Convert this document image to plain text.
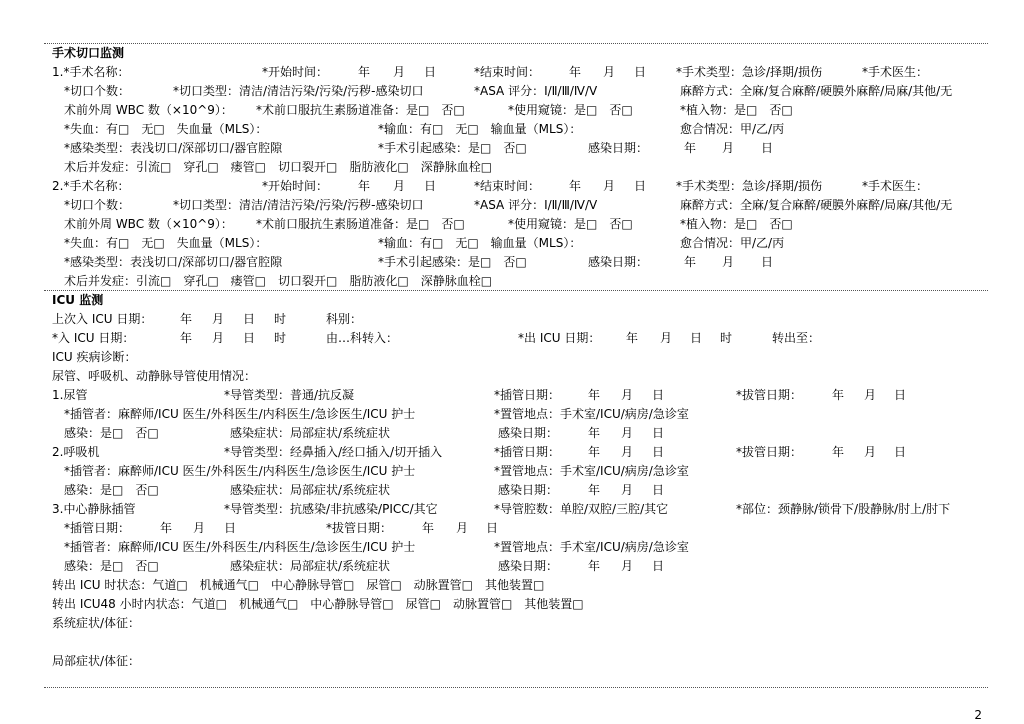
手术切口监测
1.*手术名称：	*开始时间： 年 月 日	*结束时间： 年 月 日 *手术类型：急诊/择期/损伤	*手术医生：
*切口个数：	*切口类型：清洁/清洁污染/污染/污秽-感染切口	*ASA 评分：Ⅰ/Ⅱ/Ⅲ/Ⅳ/Ⅴ	麻醉方式：全麻/复合麻醉/硬膜外麻醉/局麻/其他/无
术前外周 WBC 数（×10^9）： *术前口服抗生素肠道准备：是□　否□	*使用窥镜：是□　否□	*植入物：是□　否□
*失血：有□　无□　失血量（MLS）：	*输血：有□　无□　输血量（MLS）：	愈合情况：甲/乙/丙
*感染类型：表浅切口/深部切口/器官腔隙	*手术引起感染：是□　否□	感染日期：	年 月 日
术后并发症：引流□　穿孔□　瘘管□　切口裂开□　脂肪液化□　深静脉血栓□
2.*手术名称：	*开始时间： 年 月 日	*结束时间： 年 月 日 *手术类型：急诊/择期/损伤	*手术医生：
*切口个数：	*切口类型：清洁/清洁污染/污染/污秽-感染切口	*ASA 评分：Ⅰ/Ⅱ/Ⅲ/Ⅳ/Ⅴ	麻醉方式：全麻/复合麻醉/硬膜外麻醉/局麻/其他/无
术前外周 WBC 数（×10^9）： *术前口服抗生素肠道准备：是□　否□	*使用窥镜：是□　否□	*植入物：是□　否□
*失血：有□　无□　失血量（MLS）：	*输血：有□　无□　输血量（MLS）：	愈合情况：甲/乙/丙
*感染类型：表浅切口/深部切口/器官腔隙	*手术引起感染：是□　否□	感染日期：	年 月 日
术后并发症：引流□　穿孔□　瘘管□　切口裂开□　脂肪液化□　深静脉血栓□
ICU 监测
上次入 ICU 日期： 年 月 日 时	科别：
*入 ICU 日期：	年 月 日 时	由…科转入：	*出 ICU 日期： 年 月 日 时	转出至：
ICU 疾病诊断：
尿管、呼吸机、动静脉导管使用情况：
1.尿管	*导管类型：普通/抗反凝	*插管日期： 年 月 日	*拔管日期： 年 月 日
*插管者：麻醉师/ICU 医生/外科医生/内科医生/急诊医生/ICU 护士	*置管地点：手术室/ICU/病房/急诊室
感染：是□　否□	感染症状：局部症状/系统症状	感染日期： 年 月 日
2.呼吸机	*导管类型：经鼻插入/经口插入/切开插入	*插管日期： 年 月 日	*拔管日期： 年 月 日
*插管者：麻醉师/ICU 医生/外科医生/内科医生/急诊医生/ICU 护士	*置管地点：手术室/ICU/病房/急诊室
感染：是□　否□	感染症状：局部症状/系统症状	感染日期： 年 月 日
3.中心静脉插管	*导管类型：抗感染/非抗感染/PICC/其它	*导管腔数：单腔/双腔/三腔/其它	*部位：颈静脉/锁骨下/股静脉/肘上/肘下
*插管日期： 年 月 日	*拔管日期： 年 月 日
*插管者：麻醉师/ICU 医生/外科医生/内科医生/急诊医生/ICU 护士	*置管地点：手术室/ICU/病房/急诊室
感染：是□　否□	感染症状：局部症状/系统症状	感染日期： 年 月 日
转出 ICU 时状态：气道□　机械通气□　中心静脉导管□　尿管□　动脉置管□　其他装置□
转出 ICU48 小时内状态：气道□　机械通气□　中心静脉导管□　尿管□　动脉置管□　其他装置□
系统症状/体征：
局部症状/体征：
2
